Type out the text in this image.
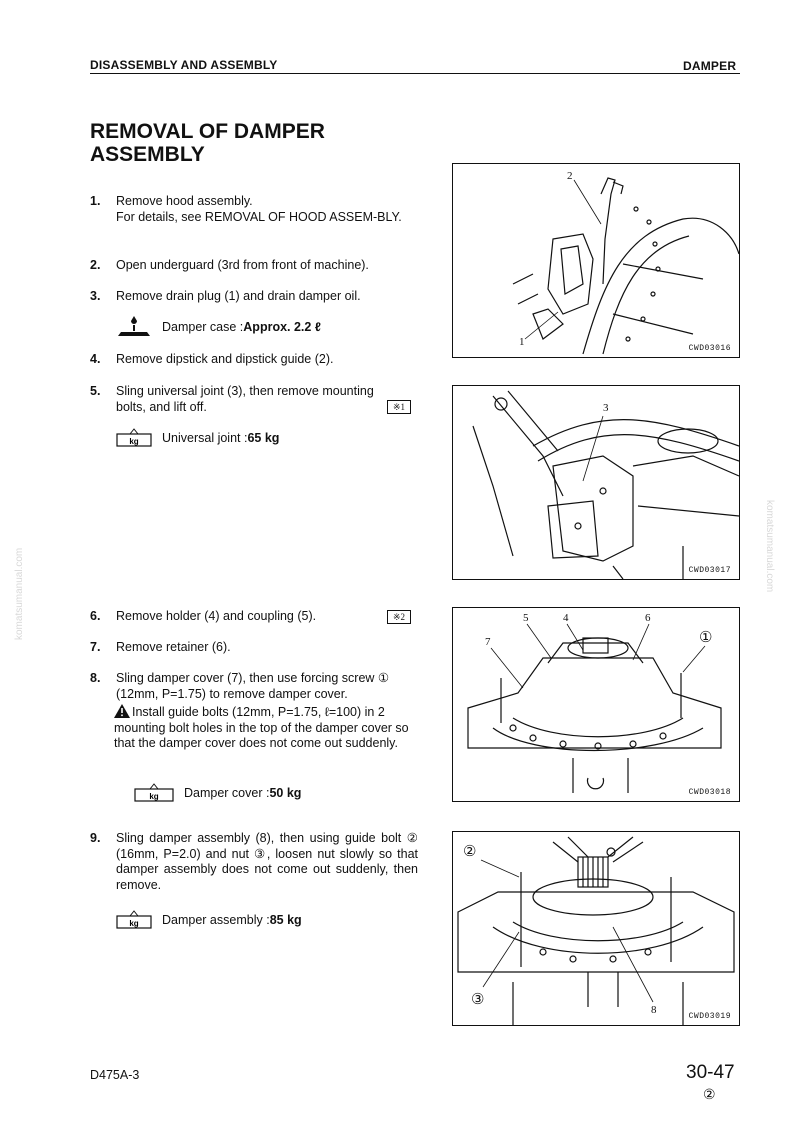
DISASSEMBLY AND ASSEMBLY	DAMPER
REMOVAL OF DAMPER ASSEMBLY
1. Remove hood assembly.
For details, see REMOVAL OF HOOD ASSEM-BLY.
2. Open underguard (3rd from front of machine).
3. Remove drain plug (1) and drain damper oil.
Damper case : Approx. 2.2 ℓ
4. Remove dipstick and dipstick guide (2).
5. Sling universal joint (3), then remove mounting bolts, and lift off.	※1
kg Universal joint : 65 kg
6. Remove holder (4) and coupling (5).	※2
7. Remove retainer (6).
8. Sling damper cover (7), then use forcing screw ① (12mm, P=1.75) to remove damper cover.
Install guide bolts (12mm, P=1.75, ℓ=100) in 2 mounting bolt holes in the top of the damper cover so that the damper cover does not come out suddenly.
kg Damper cover : 50 kg
9. Sling damper assembly (8), then using guide bolt ② (16mm, P=2.0) and nut ③, loosen nut slowly so that damper assembly does not come out suddenly, then remove.
kg Damper assembly : 85 kg
2
1
CWD03016
3
CWD03017
5	4	6
7	①
CWD03018
②
③
8
CWD03019
komatsumanual.com
komatsumanual.com
D475A-3	30-47
②
